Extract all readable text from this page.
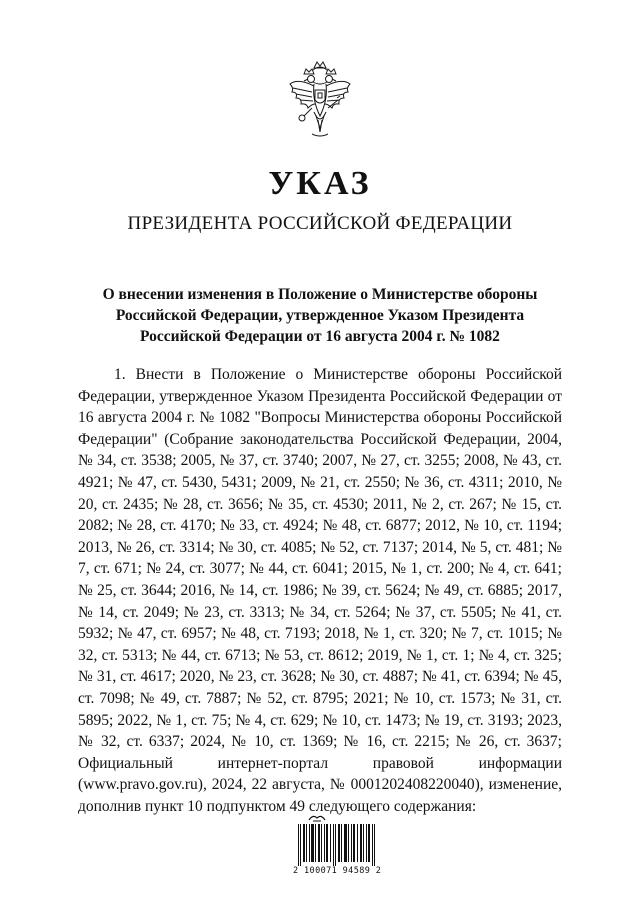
УКАЗ
ПРЕЗИДЕНТА РОССИЙСКОЙ ФЕДЕРАЦИИ
О внесении изменения в Положение о Министерстве обороны
Российской Федерации, утвержденное Указом Президента
Российской Федерации от 16 августа 2004 г. № 1082

1. Внести в Положение о Министерстве обороны Российской Федерации, утвержденное Указом Президента Российской Федерации от 16 августа 2004 г. № 1082 "Вопросы Министерства обороны Российской Федерации" (Собрание законодательства Российской Федерации, 2004, № 34, ст. 3538; 2005, № 37, ст. 3740; 2007, № 27, ст. 3255; 2008, № 43, ст. 4921; № 47, ст. 5430, 5431; 2009, № 21, ст. 2550; № 36, ст. 4311; 2010, № 20, ст. 2435; № 28, ст. 3656; № 35, ст. 4530; 2011, № 2, ст. 267; № 15, ст. 2082; № 28, ст. 4170; № 33, ст. 4924; № 48, ст. 6877; 2012, № 10, ст. 1194; 2013, № 26, ст. 3314; № 30, ст. 4085; № 52, ст. 7137; 2014, № 5, ст. 481; № 7, ст. 671; № 24, ст. 3077; № 44, ст. 6041; 2015, № 1, ст. 200; № 4, ст. 641; № 25, ст. 3644; 2016, № 14, ст. 1986; № 39, ст. 5624; № 49, ст. 6885; 2017, № 14, ст. 2049; № 23, ст. 3313; № 34, ст. 5264; № 37, ст. 5505; № 41, ст. 5932; № 47, ст. 6957; № 48, ст. 7193; 2018, № 1, ст. 320; № 7, ст. 1015; № 32, ст. 5313; № 44, ст. 6713; № 53, ст. 8612; 2019, № 1, ст. 1; № 4, ст. 325; № 31, ст. 4617; 2020, № 23, ст. 3628; № 30, ст. 4887; № 41, ст. 6394; № 45, ст. 7098; № 49, ст. 7887; № 52, ст. 8795; 2021; № 10, ст. 1573; № 31, ст. 5895; 2022, № 1, ст. 75; № 4, ст. 629; № 10, ст. 1473; № 19, ст. 3193; 2023, № 32, ст. 6337; 2024, № 10, ст. 1369; № 16, ст. 2215; № 26, ст. 3637; Официальный интернет-портал правовой информации (www.pravo.gov.ru), 2024, 22 августа, № 0001202408220040), изменение, дополнив пункт 10 подпунктом 49 следующего содержания:

2 100071 94589 2
